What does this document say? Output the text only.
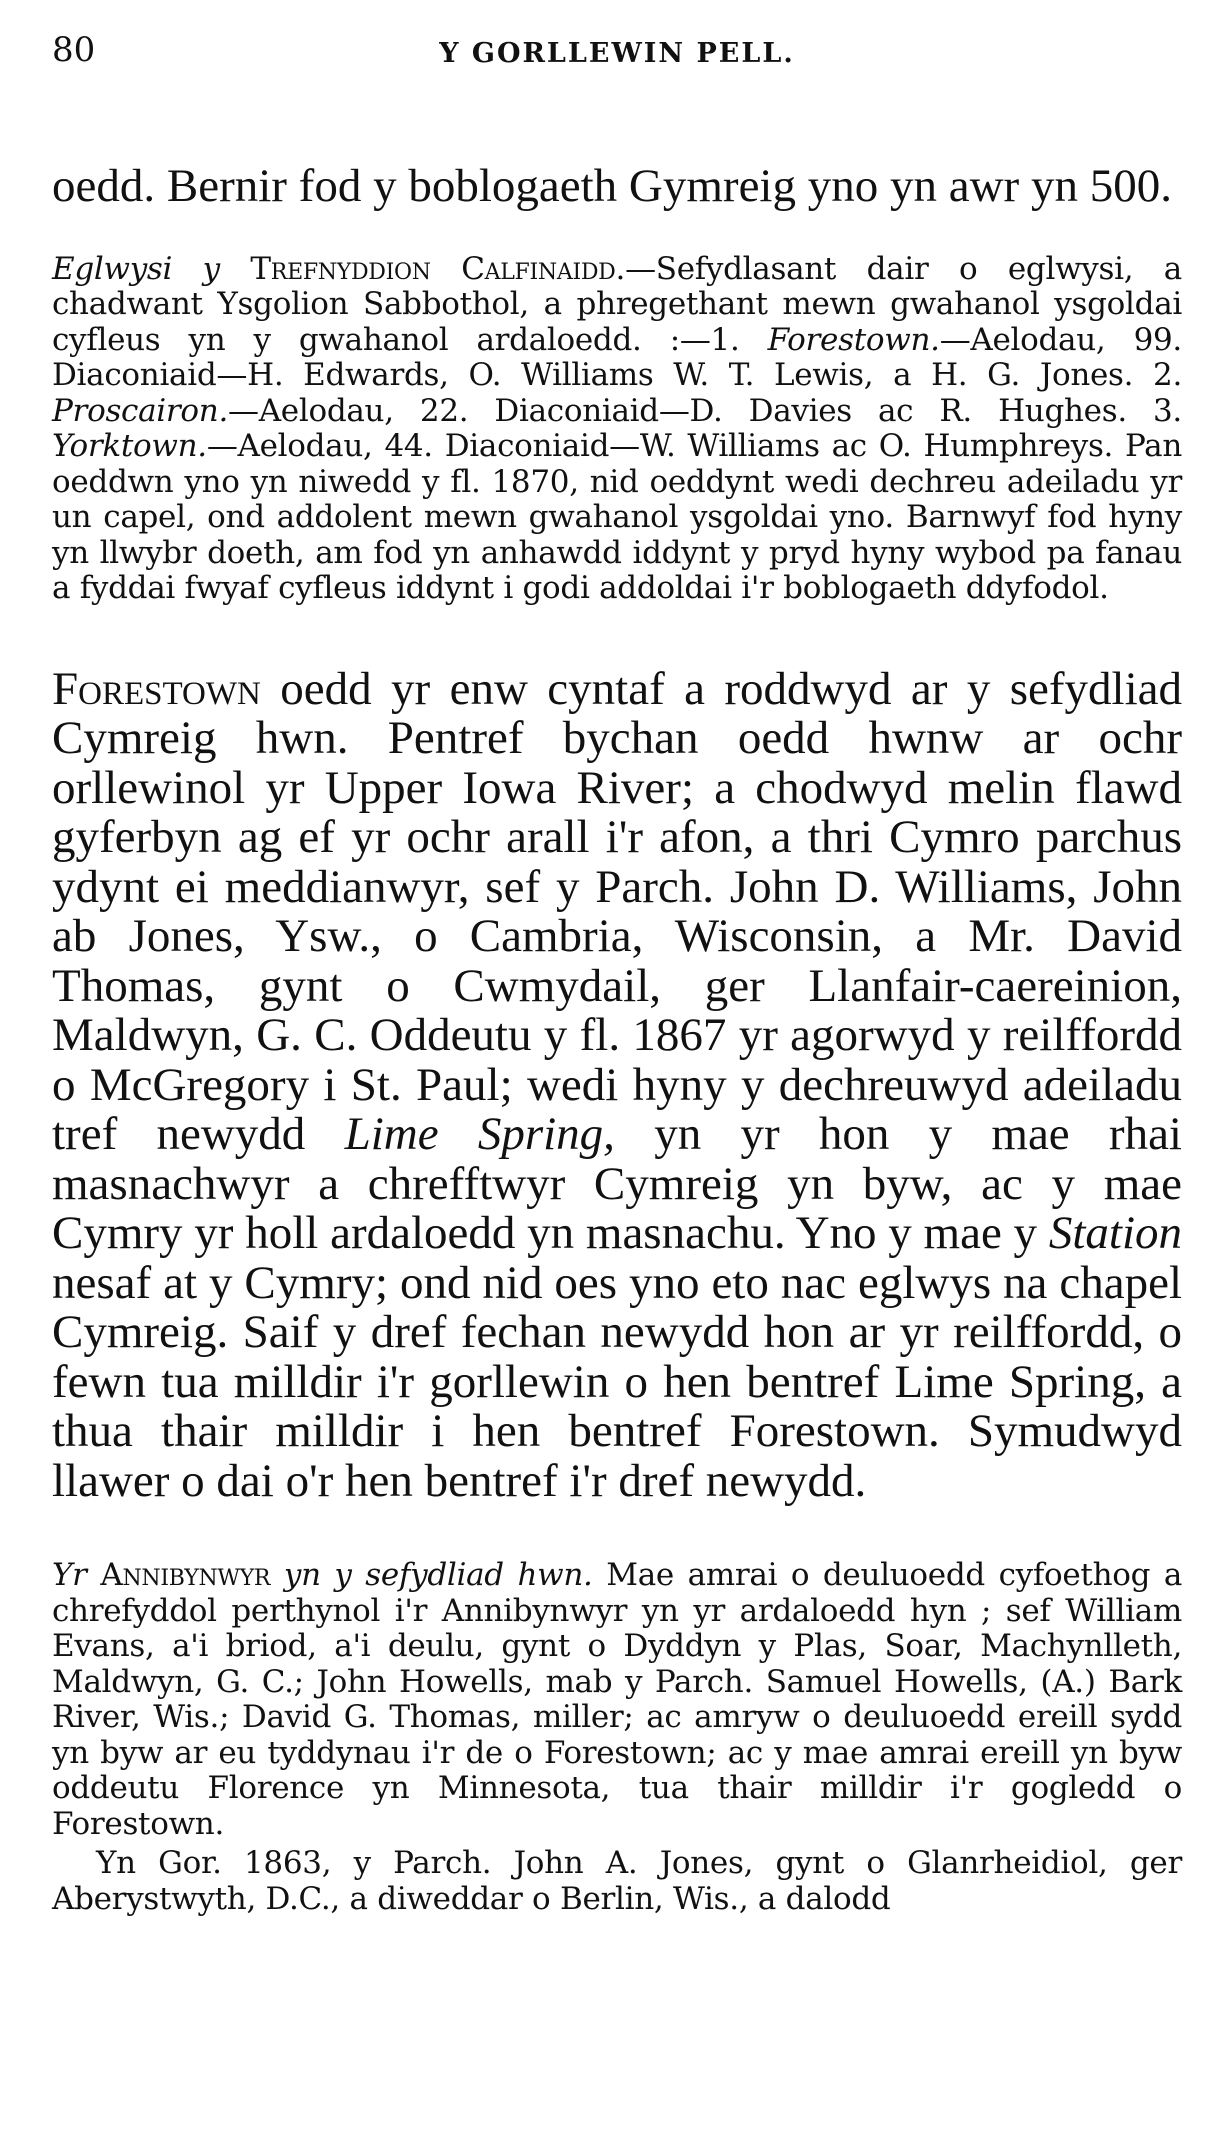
80	Y GORLLEWIN PELL.

oedd. Bernir fod y boblogaeth Gymreig yno yn awr yn 500.

Eglwysi y Trefnyddion Calfinaidd.—Sefydlasant dair o eglwysi, a chadwant Ysgolion Sabbothol, a phregethant mewn gwahanol ysgoldai cyfleus yn y gwahanol ardaloedd. :—1. Forestown.—Aelodau, 99. Diaconiaid—H. Edwards, O. Williams W. T. Lewis, a H. G. Jones. 2. Proscairon.—Aelodau, 22. Diaconiaid—D. Davies ac R. Hughes. 3. Yorktown.—Aelodau, 44. Diaconiaid—W. Williams ac O. Humphreys. Pan oeddwn yno yn niwedd y fl. 1870, nid oeddynt wedi dechreu adeiladu yr un capel, ond addolent mewn gwahanol ysgoldai yno. Barnwyf fod hyny yn llwybr doeth, am fod yn anhawdd iddynt y pryd hyny wybod pa fanau a fyddai fwyaf cyfleus iddynt i godi addoldai i'r boblogaeth ddyfodol.

Forestown oedd yr enw cyntaf a roddwyd ar y sefydliad Cymreig hwn. Pentref bychan oedd hwnw ar ochr orllewinol yr Upper Iowa River; a chodwyd melin flawd gyferbyn ag ef yr ochr arall i'r afon, a thri Cymro parchus ydynt ei meddianwyr, sef y Parch. John D. Williams, John ab Jones, Ysw., o Cambria, Wisconsin, a Mr. David Thomas, gynt o Cwmydail, ger Llanfair-caereinion, Maldwyn, G. C. Oddeutu y fl. 1867 yr agorwyd y reilffordd o McGregory i St. Paul; wedi hyny y dechreuwyd adeiladu tref newydd Lime Spring, yn yr hon y mae rhai masnachwyr a chrefftwyr Cymreig yn byw, ac y mae Cymry yr holl ardaloedd yn masnachu. Yno y mae y Station nesaf at y Cymry; ond nid oes yno eto nac eglwys na chapel Cymreig. Saif y dref fechan newydd hon ar yr reilffordd, o fewn tua milldir i'r gorllewin o hen bentref Lime Spring, a thua thair milldir i hen bentref Forestown. Symudwyd llawer o dai o'r hen bentref i'r dref newydd.

Yr Annibynwyr yn y sefydliad hwn. Mae amrai o deuluoedd cyfoethog a chrefyddol perthynol i'r Annibynwyr yn yr ardaloedd hyn ; sef William Evans, a'i briod, a'i deulu, gynt o Dyddyn y Plas, Soar, Machynlleth, Maldwyn, G. C.; John Howells, mab y Parch. Samuel Howells, (A.) Bark River, Wis.; David G. Thomas, miller; ac amryw o deuluoedd ereill sydd yn byw ar eu tyddynau i'r de o Forestown; ac y mae amrai ereill yn byw oddeutu Florence yn Minnesota, tua thair milldir i'r gogledd o Forestown.

Yn Gor. 1863, y Parch. John A. Jones, gynt o Glanrheidiol, ger Aberystwyth, D.C., a diweddar o Berlin, Wis., a dalodd
